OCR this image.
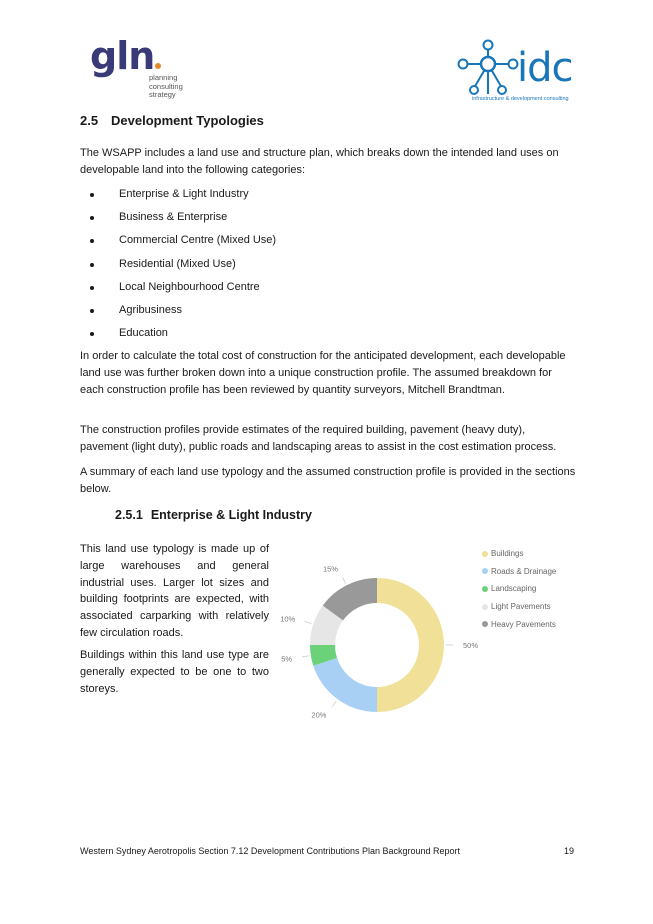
gln
planning
consulting
strategy
idc
infrastructure & development consulting
2.5 Development Typologies
The WSAPP includes a land use and structure plan, which breaks down the intended land uses on developable land into the following categories:
Enterprise & Light Industry
Business & Enterprise
Commercial Centre (Mixed Use)
Residential (Mixed Use)
Local Neighbourhood Centre
Agribusiness
Education
In order to calculate the total cost of construction for the anticipated development, each developable land use was further broken down into a unique construction profile. The assumed breakdown for each construction profile has been reviewed by quantity surveyors, Mitchell Brandtman.
The construction profiles provide estimates of the required building, pavement (heavy duty), pavement (light duty), public roads and landscaping areas to assist in the cost estimation process.
A summary of each land use typology and the assumed construction profile is provided in the sections below.
2.5.1 Enterprise & Light Industry
This land use typology is made up of large warehouses and general industrial uses. Larger lot sizes and building footprints are expected, with associated carparking with relatively few circulation roads.
Buildings within this land use type are generally expected to be one to two storeys.
50%
20%
5%
10%
15%
Buildings
Roads & Drainage
Landscaping
Light Pavements
Heavy Pavements
Western Sydney Aerotropolis Section 7.12 Development Contributions Plan Background Report	19
